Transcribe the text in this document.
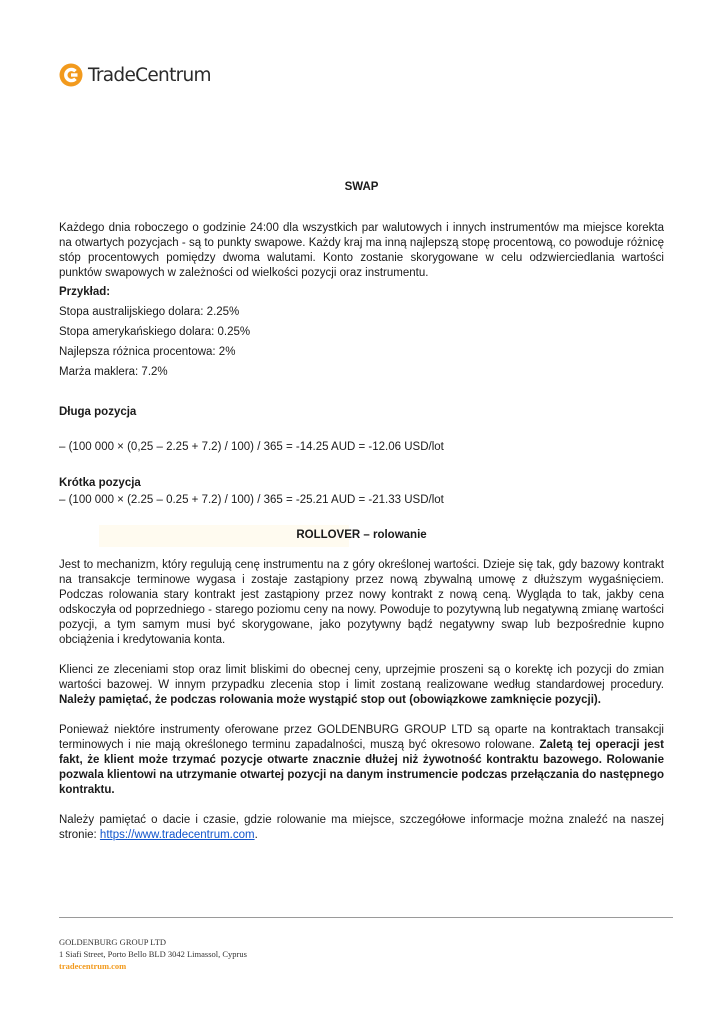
TradeCentrum

SWAP

Każdego dnia roboczego o godzinie 24:00 dla wszystkich par walutowych i innych instrumentów ma miejsce korekta na otwartych pozycjach - są to punkty swapowe. Każdy kraj ma inną najlepszą stopę procentową, co powoduje różnicę stóp procentowych pomiędzy dwoma walutami. Konto zostanie skorygowane w celu odzwierciedlania wartości punktów swapowych w zależności od wielkości pozycji oraz instrumentu.

Przykład:

Stopa australijskiego dolara: 2.25%

Stopa amerykańskiego dolara: 0.25%

Najlepsza różnica procentowa: 2%

Marża maklera: 7.2%

Długa pozycja

– (100 000 × (0,25 – 2.25 + 7.2) / 100) / 365 = -14.25 AUD = -12.06 USD/lot

Krótka pozycja

– (100 000 × (2.25 – 0.25 + 7.2) / 100) / 365 = -25.21 AUD = -21.33 USD/lot

ROLLOVER – rolowanie

Jest to mechanizm, który regulują cenę instrumentu na z góry określonej wartości. Dzieje się tak, gdy bazowy kontrakt na transakcje terminowe wygasa i zostaje zastąpiony przez nową zbywalną umowę z dłuższym wygaśnięciem. Podczas rolowania stary kontrakt jest zastąpiony przez nowy kontrakt z nową ceną. Wygląda to tak, jakby cena odskoczyła od poprzedniego - starego poziomu ceny na nowy. Powoduje to pozytywną lub negatywną zmianę wartości pozycji, a tym samym musi być skorygowane, jako pozytywny bądź negatywny swap lub bezpośrednie kupno obciążenia i kredytowania konta.

Klienci ze zleceniami stop oraz limit bliskimi do obecnej ceny, uprzejmie proszeni są o korektę ich pozycji do zmian wartości bazowej. W innym przypadku zlecenia stop i limit zostaną realizowane według standardowej procedury. Należy pamiętać, że podczas rolowania może wystąpić stop out (obowiązkowe zamknięcie pozycji).

Ponieważ niektóre instrumenty oferowane przez GOLDENBURG GROUP LTD są oparte na kontraktach transakcji terminowych i nie mają określonego terminu zapadalności, muszą być okresowo rolowane. Zaletą tej operacji jest fakt, że klient może trzymać pozycje otwarte znacznie dłużej niż żywotność kontraktu bazowego. Rolowanie pozwala klientowi na utrzymanie otwartej pozycji na danym instrumencie podczas przełączania do następnego kontraktu.

Należy pamiętać o dacie i czasie, gdzie rolowanie ma miejsce, szczegółowe informacje można znaleźć na naszej stronie: https://www.tradecentrum.com.

GOLDENBURG GROUP LTD
1 Siafi Street, Porto Bello BLD 3042 Limassol, Cyprus
tradecentrum.com
